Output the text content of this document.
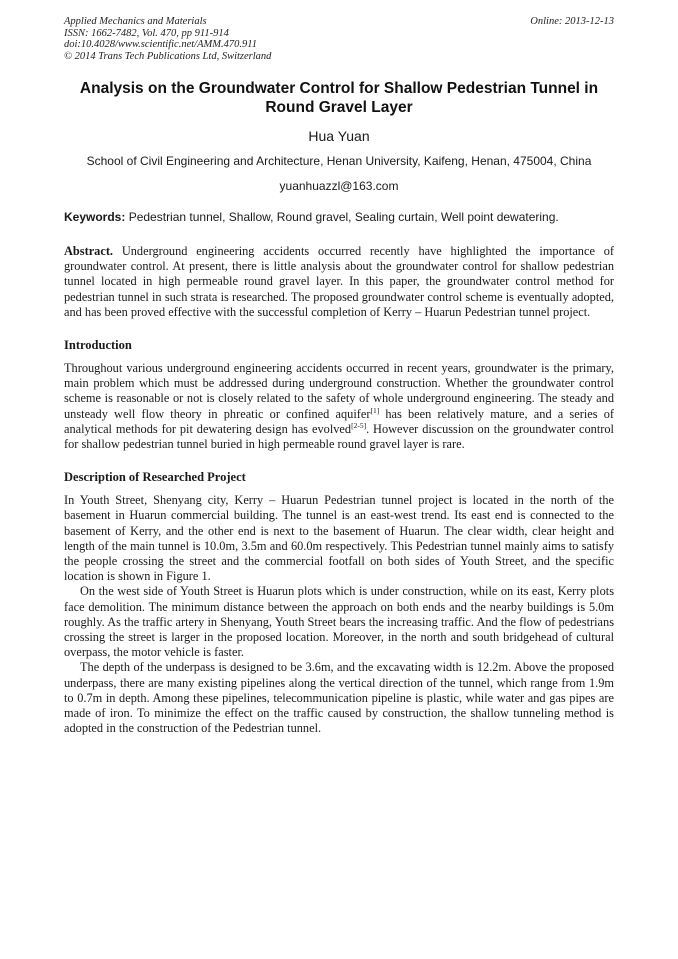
Applied Mechanics and Materials
ISSN: 1662-7482, Vol. 470, pp 911-914
doi:10.4028/www.scientific.net/AMM.470.911
© 2014 Trans Tech Publications Ltd, Switzerland
Online: 2013-12-13
Analysis on the Groundwater Control for Shallow Pedestrian Tunnel in Round Gravel Layer
Hua Yuan
School of Civil Engineering and Architecture, Henan University, Kaifeng, Henan, 475004, China
yuanhuazzl@163.com
Keywords: Pedestrian tunnel, Shallow, Round gravel, Sealing curtain, Well point dewatering.

Abstract. Underground engineering accidents occurred recently have highlighted the importance of groundwater control. At present, there is little analysis about the groundwater control for shallow pedestrian tunnel located in high permeable round gravel layer. In this paper, the groundwater control method for pedestrian tunnel in such strata is researched. The proposed groundwater control scheme is eventually adopted, and has been proved effective with the successful completion of Kerry – Huarun Pedestrian tunnel project.

Introduction

Throughout various underground engineering accidents occurred in recent years, groundwater is the primary, main problem which must be addressed during underground construction. Whether the groundwater control scheme is reasonable or not is closely related to the safety of whole underground engineering. The steady and unsteady well flow theory in phreatic or confined aquifer[1] has been relatively mature, and a series of analytical methods for pit dewatering design has evolved[2-5]. However discussion on the groundwater control for shallow pedestrian tunnel buried in high permeable round gravel layer is rare.

Description of Researched Project

In Youth Street, Shenyang city, Kerry – Huarun Pedestrian tunnel project is located in the north of the basement in Huarun commercial building. The tunnel is an east-west trend. Its east end is connected to the basement of Kerry, and the other end is next to the basement of Huarun. The clear width, clear height and length of the main tunnel is 10.0m, 3.5m and 60.0m respectively. This Pedestrian tunnel mainly aims to satisfy the people crossing the street and the commercial footfall on both sides of Youth Street, and the specific location is shown in Figure 1.

On the west side of Youth Street is Huarun plots which is under construction, while on its east, Kerry plots face demolition. The minimum distance between the approach on both ends and the nearby buildings is 5.0m roughly. As the traffic artery in Shenyang, Youth Street bears the increasing traffic. And the flow of pedestrians crossing the street is larger in the proposed location. Moreover, in the north and south bridgehead of cultural overpass, the motor vehicle is faster.

The depth of the underpass is designed to be 3.6m, and the excavating width is 12.2m. Above the proposed underpass, there are many existing pipelines along the vertical direction of the tunnel, which range from 1.9m to 0.7m in depth. Among these pipelines, telecommunication pipeline is plastic, while water and gas pipes are made of iron. To minimize the effect on the traffic caused by construction, the shallow tunneling method is adopted in the construction of the Pedestrian tunnel.
